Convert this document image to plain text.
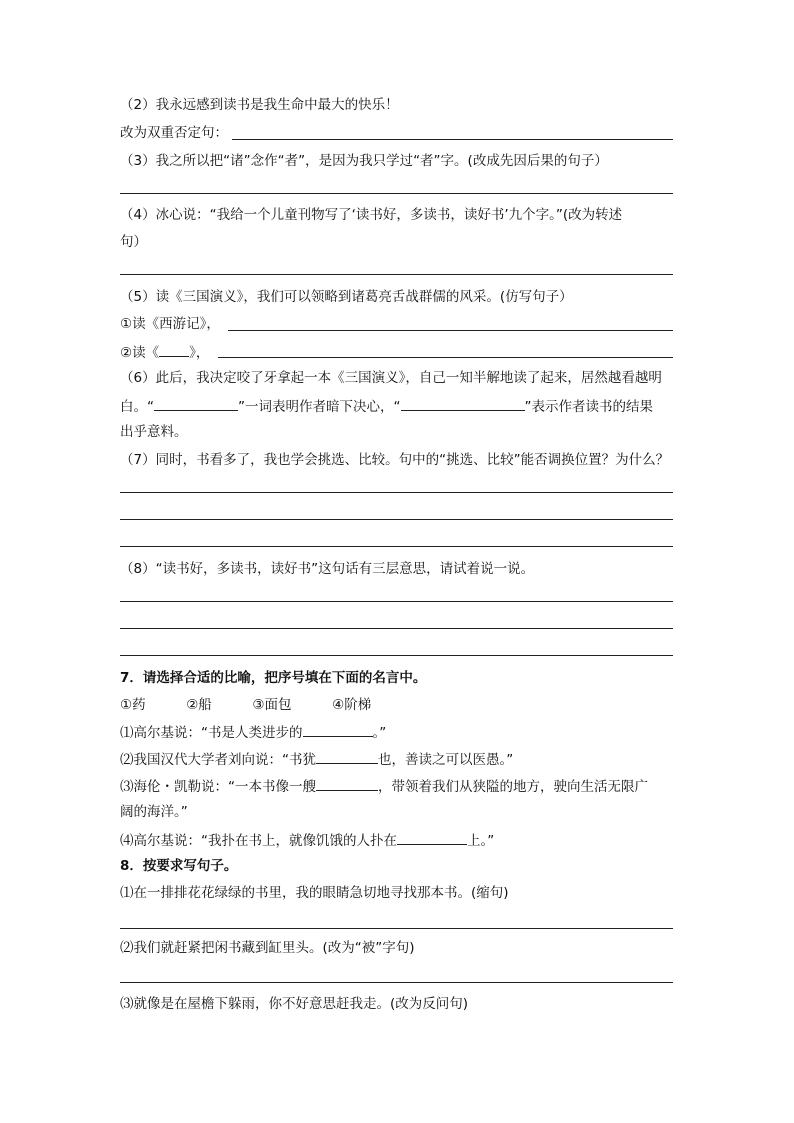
（2）我永远感到读书是我生命中最大的快乐！
改为双重否定句：
（3）我之所以把“诸”念作“者”，是因为我只学过“者”字。(改成先因后果的句子）
（4）冰心说：“我给一个儿童刊物写了‘读书好，多读书，读好书’九个字。”(改为转述
句）
（5）读《三国演义》，我们可以领略到诸葛亮舌战群儒的风采。(仿写句子）
①读《西游记》，
②读《 》，
（6）此后，我决定咬了牙拿起一本《三国演义》，自己一知半解地读了起来，居然越看越明
白。“	”一词表明作者暗下决心，“	”表示作者读书的结果
出乎意料。
（7）同时，书看多了，我也学会挑选、比较。句中的“挑选、比较”能否调换位置？为什么？
（8）“读书好，多读书，读好书”这句话有三层意思，请试着说一说。
7．请选择合适的比喻，把序号填在下面的名言中。
①药	②船	③面包	④阶梯
⑴高尔基说：“书是人类进步的	。”
⑵我国汉代大学者刘向说：“书犹	也，善读之可以医愚。”
⑶海伦・凯勒说：“一本书像一艘	，带领着我们从狭隘的地方，驶向生活无限广
阔的海洋。”
⑷高尔基说：“我扑在书上，就像饥饿的人扑在	上。”
8．按要求写句子。
⑴在一排排花花绿绿的书里，我的眼睛急切地寻找那本书。(缩句)
⑵我们就赶紧把闲书藏到缸里头。(改为“被”字句)
⑶就像是在屋檐下躲雨，你不好意思赶我走。(改为反问句)
